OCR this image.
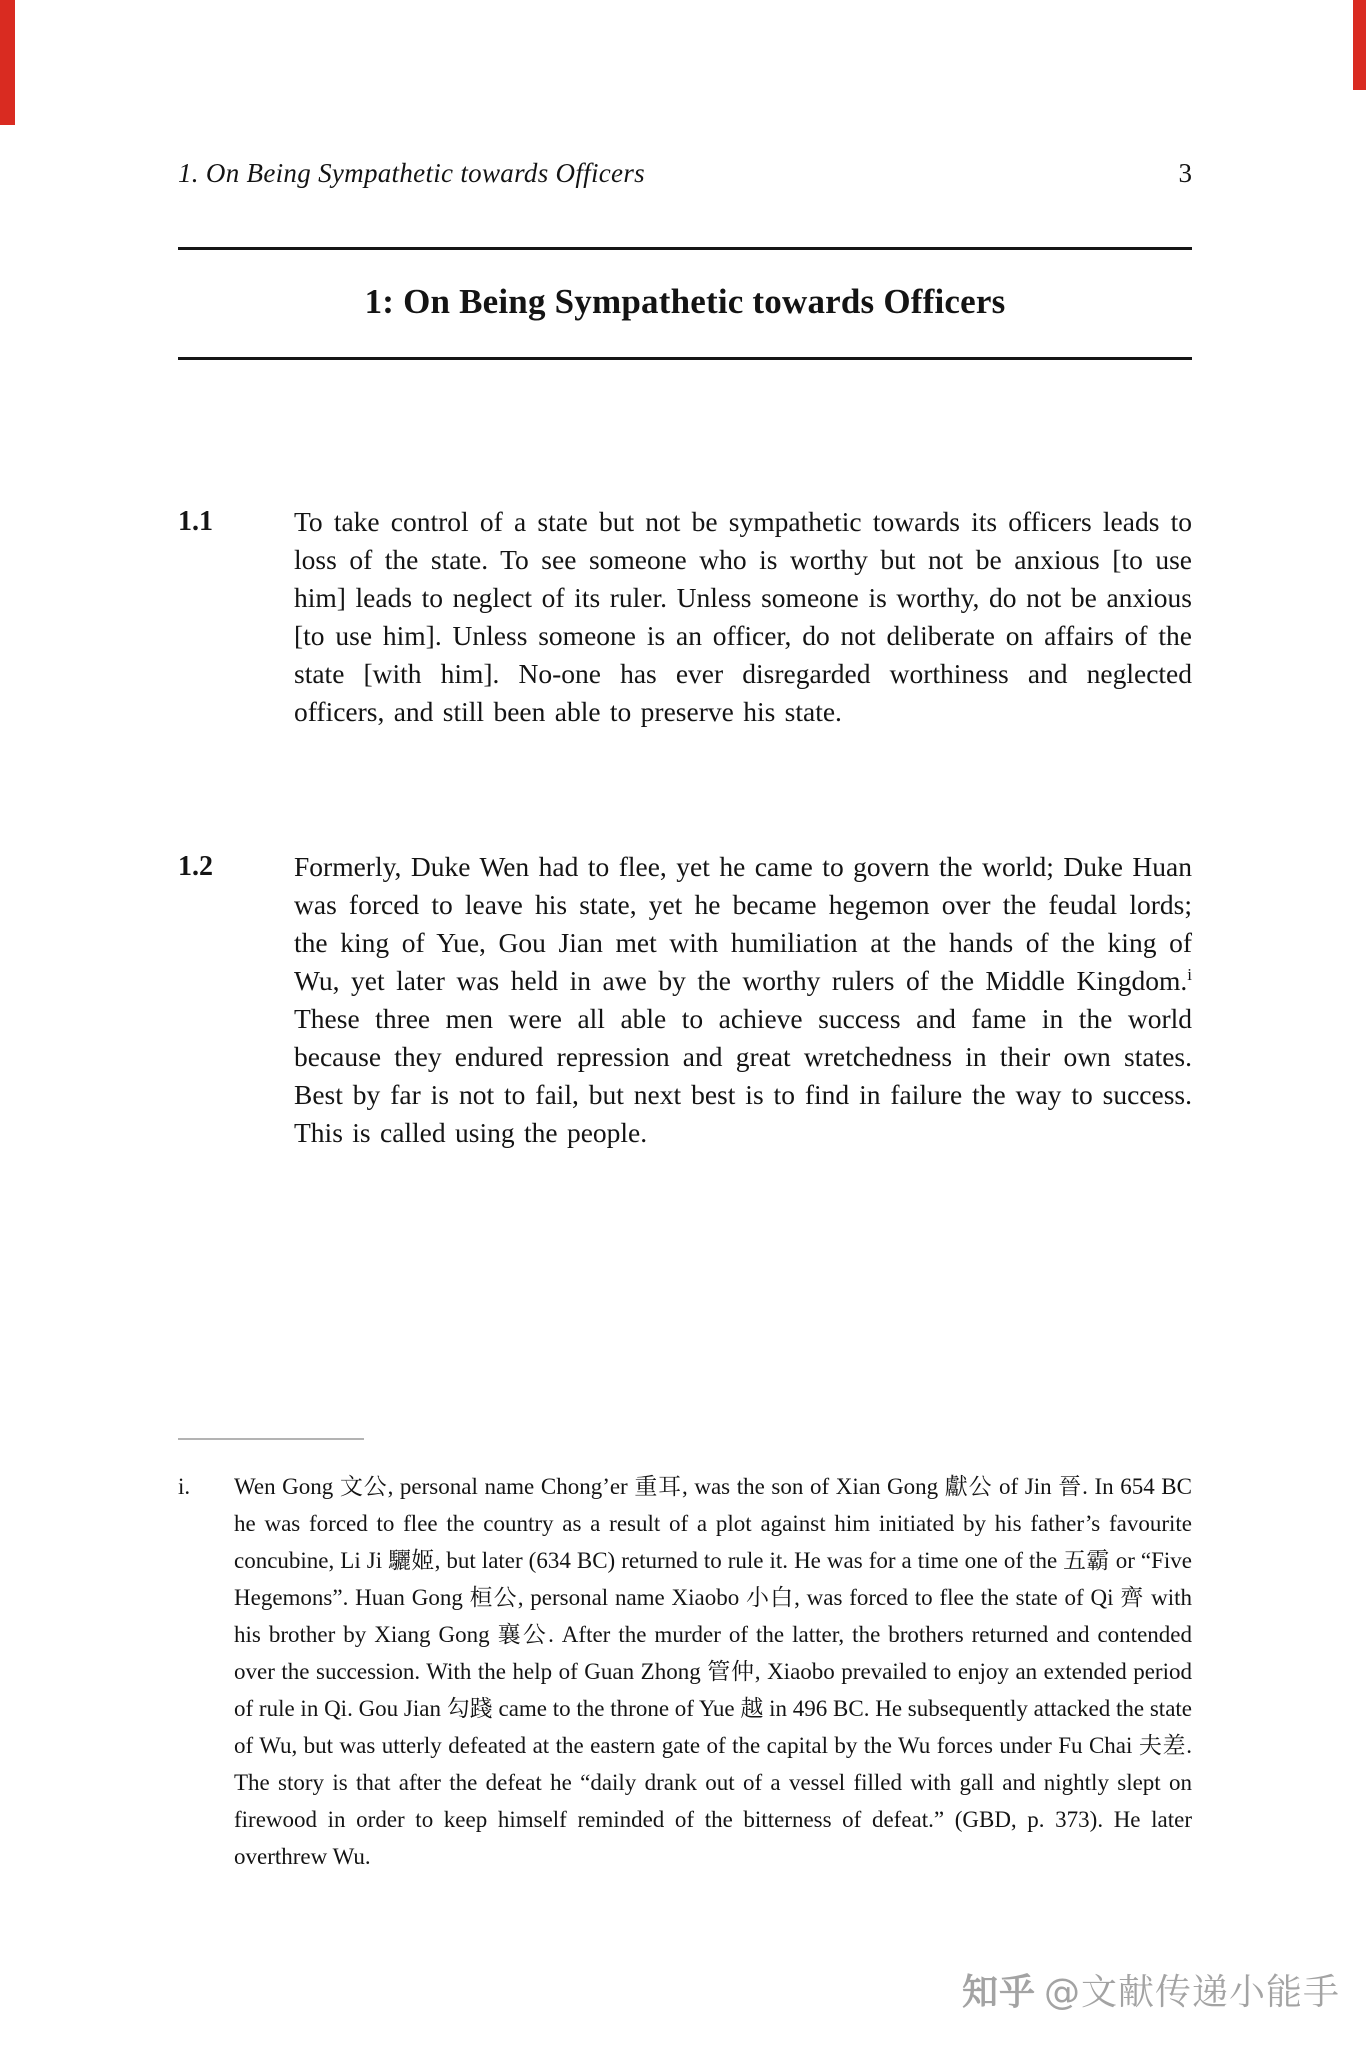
1. On Being Sympathetic towards Officers	3
1: On Being Sympathetic towards Officers
1.1	To take control of a state but not be sympathetic towards its officers leads to loss of the state. To see someone who is worthy but not be anxious [to use him] leads to neglect of its ruler. Unless someone is worthy, do not be anxious [to use him]. Unless someone is an officer, do not deliberate on affairs of the state [with him]. No-one has ever disregarded worthiness and neglected officers, and still been able to preserve his state.

1.2	Formerly, Duke Wen had to flee, yet he came to govern the world; Duke Huan was forced to leave his state, yet he became hegemon over the feudal lords; the king of Yue, Gou Jian met with humiliation at the hands of the king of Wu, yet later was held in awe by the worthy rulers of the Middle Kingdom.$^i$ These three men were all able to achieve success and fame in the world because they endured repression and great wretchedness in their own states. Best by far is not to fail, but next best is to find in failure the way to success. This is called using the people.

i. Wen Gong 文公, personal name Chong’er 重耳, was the son of Xian Gong 獻公 of Jin 晉. In 654 BC he was forced to flee the country as a result of a plot against him initiated by his father’s favourite concubine, Li Ji 驪姬, but later (634 BC) returned to rule it. He was for a time one of the 五霸 or “Five Hegemons”. Huan Gong 桓公, personal name Xiaobo 小白, was forced to flee the state of Qi 齊 with his brother by Xiang Gong 襄公. After the murder of the latter, the brothers returned and contended over the succession. With the help of Guan Zhong 管仲, Xiaobo prevailed to enjoy an extended period of rule in Qi. Gou Jian 勾踐 came to the throne of Yue 越 in 496 BC. He subsequently attacked the state of Wu, but was utterly defeated at the eastern gate of the capital by the Wu forces under Fu Chai 夫差. The story is that after the defeat he “daily drank out of a vessel filled with gall and nightly slept on firewood in order to keep himself reminded of the bitterness of defeat.” (GBD, p. 373). He later overthrew Wu.

知乎 @文献传递小能手
